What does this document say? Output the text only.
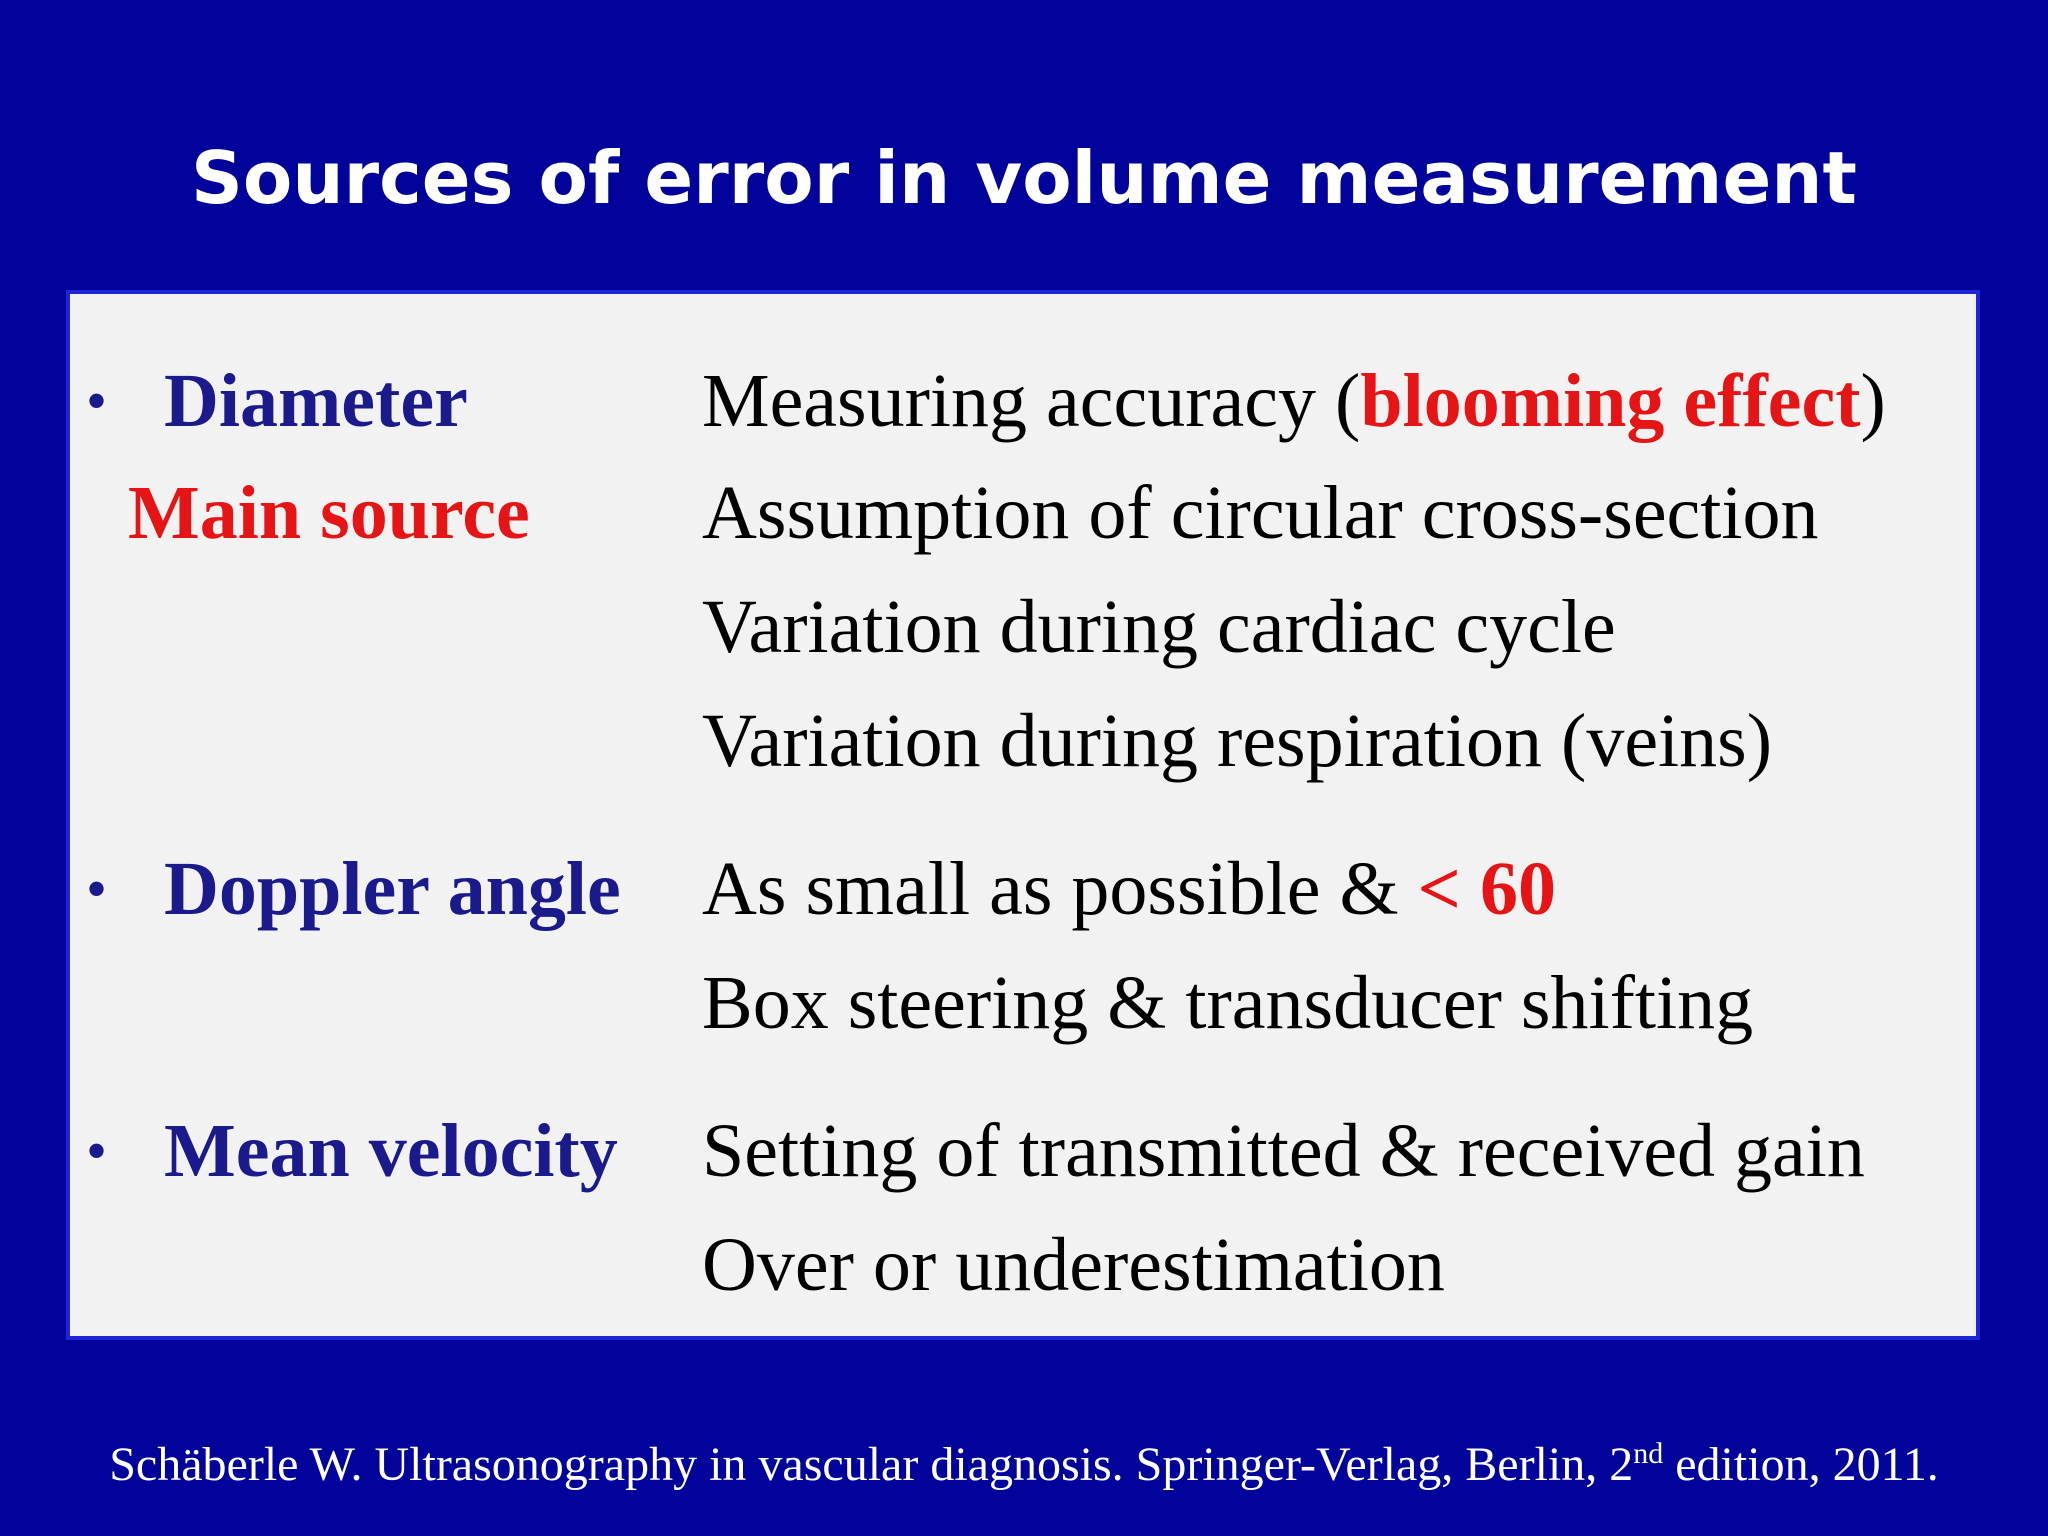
Sources of error in volume measurement
• Diameter	Measuring accuracy (blooming effect)
Main source Assumption of circular cross-section
Variation during cardiac cycle
Variation during respiration (veins)
• Doppler angle As small as possible & < 60
Box steering & transducer shifting
• Mean velocity Setting of transmitted & received gain
Over or underestimation
Schäberle W. Ultrasonography in vascular diagnosis. Springer-Verlag, Berlin, 2nd edition, 2011.
